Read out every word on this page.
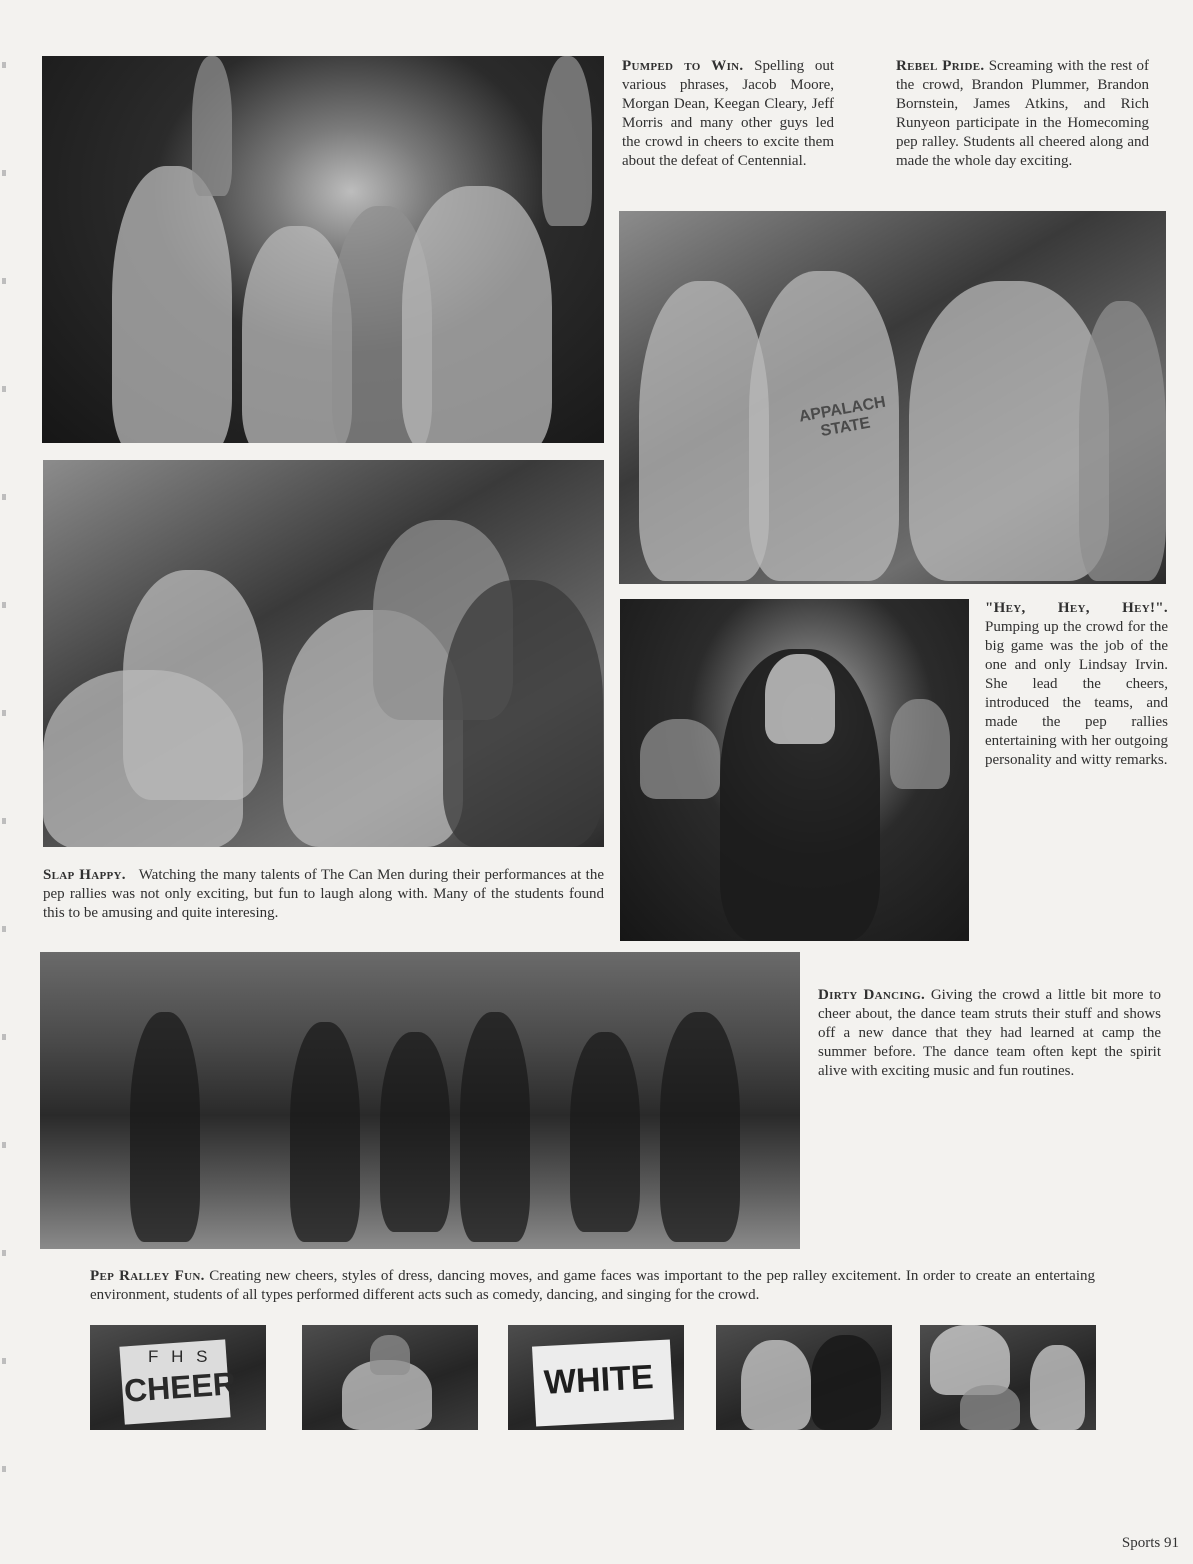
Pumped to Win. Spelling out various phrases, Jacob Moore, Morgan Dean, Keegan Cleary, Jeff Morris and many other guys led the crowd in cheers to excite them about the defeat of Centennial.
Rebel Pride. Screaming with the rest of the crowd, Brandon Plummer, Brandon Bornstein, James Atkins, and Rich Runyeon participate in the Homecoming pep ralley. Students all cheered along and made the whole day exciting.
APPALACH STATE
Slap Happy.   Watching the many talents of The Can Men during their performances at the pep rallies was not only exciting, but fun to laugh along with. Many of the students found this to be amusing and quite interesing.
"Hey, Hey, Hey!". Pumping up the crowd for the big game was the job of the one and only Lindsay Irvin. She lead the cheers, introduced the teams, and made the pep rallies entertaining with her outgoing personality and witty remarks.
Dirty Dancing. Giving the crowd a little bit more to cheer about, the dance team struts their stuff and shows off a new dance that they had learned at camp the summer before. The dance team often kept the spirit alive with exciting music and fun routines.
Pep Ralley Fun. Creating new cheers, styles of dress, dancing moves, and game faces was important to the pep ralley excitement. In order to create an entertaing environment, students of all types performed different acts such as comedy, dancing, and singing for the crowd.
F H S
CHEER	WHITE
Sports 91
